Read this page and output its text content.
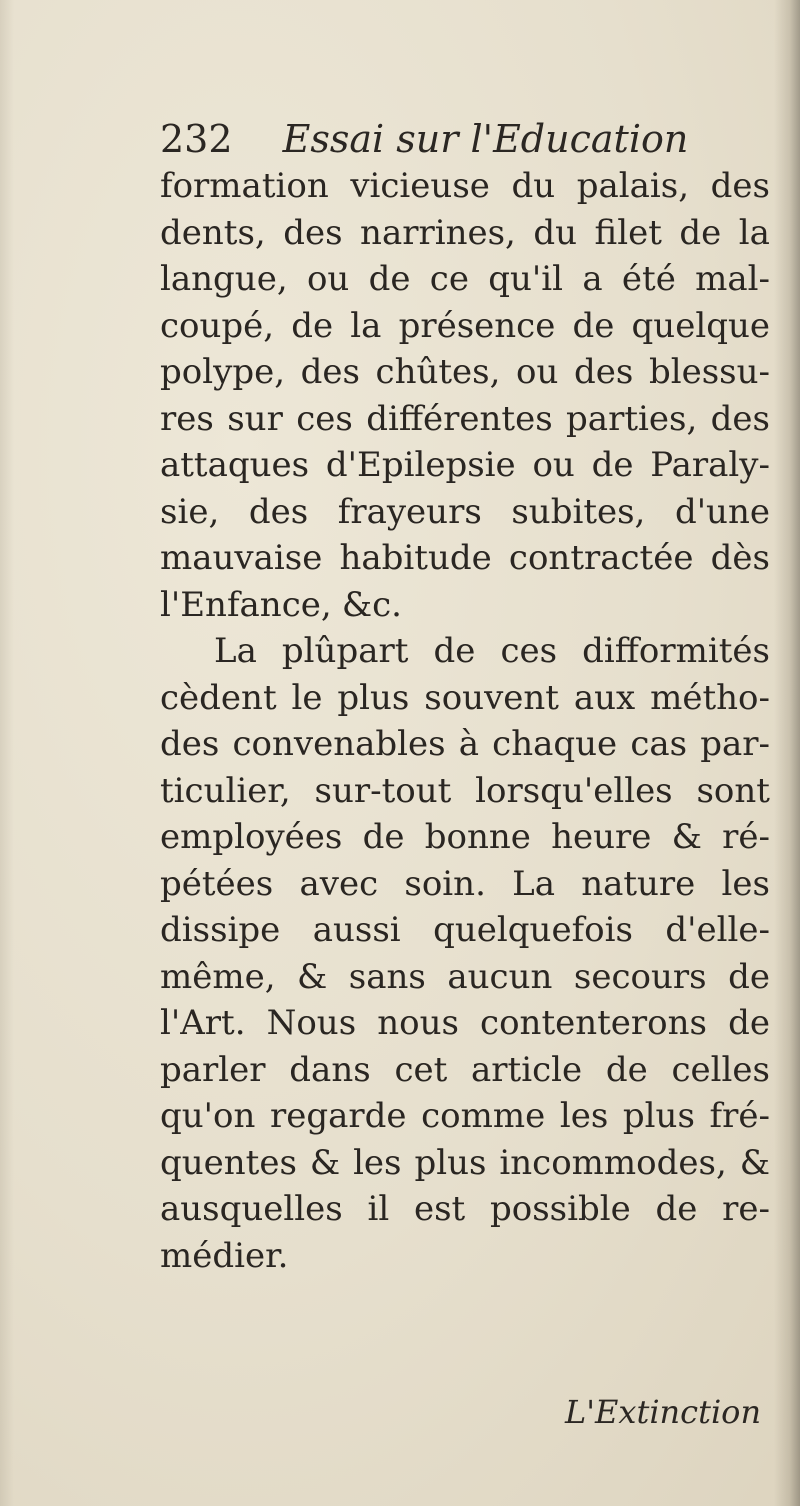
232 Essai sur l'Education
formation vicieuse du palais, des
dents, des narrines, du filet de la
langue, ou de ce qu'il a été mal-
coupé, de la présence de quelque
polype, des chûtes, ou des blessu-
res sur ces différentes parties, des
attaques d'Epilepsie ou de Paraly-
sie, des frayeurs subites, d'une
mauvaise habitude contractée dès
l'Enfance, &c.
La plûpart de ces difformités
cèdent le plus souvent aux métho-
des convenables à chaque cas par-
ticulier, sur-tout lorsqu'elles sont
employées de bonne heure & ré-
pétées avec soin. La nature les
dissipe aussi quelquefois d'elle-
même, & sans aucun secours de
l'Art. Nous nous contenterons de
parler dans cet article de celles
qu'on regarde comme les plus fré-
quentes & les plus incommodes, &
ausquelles il est possible de re-
médier.
L'Extinction
